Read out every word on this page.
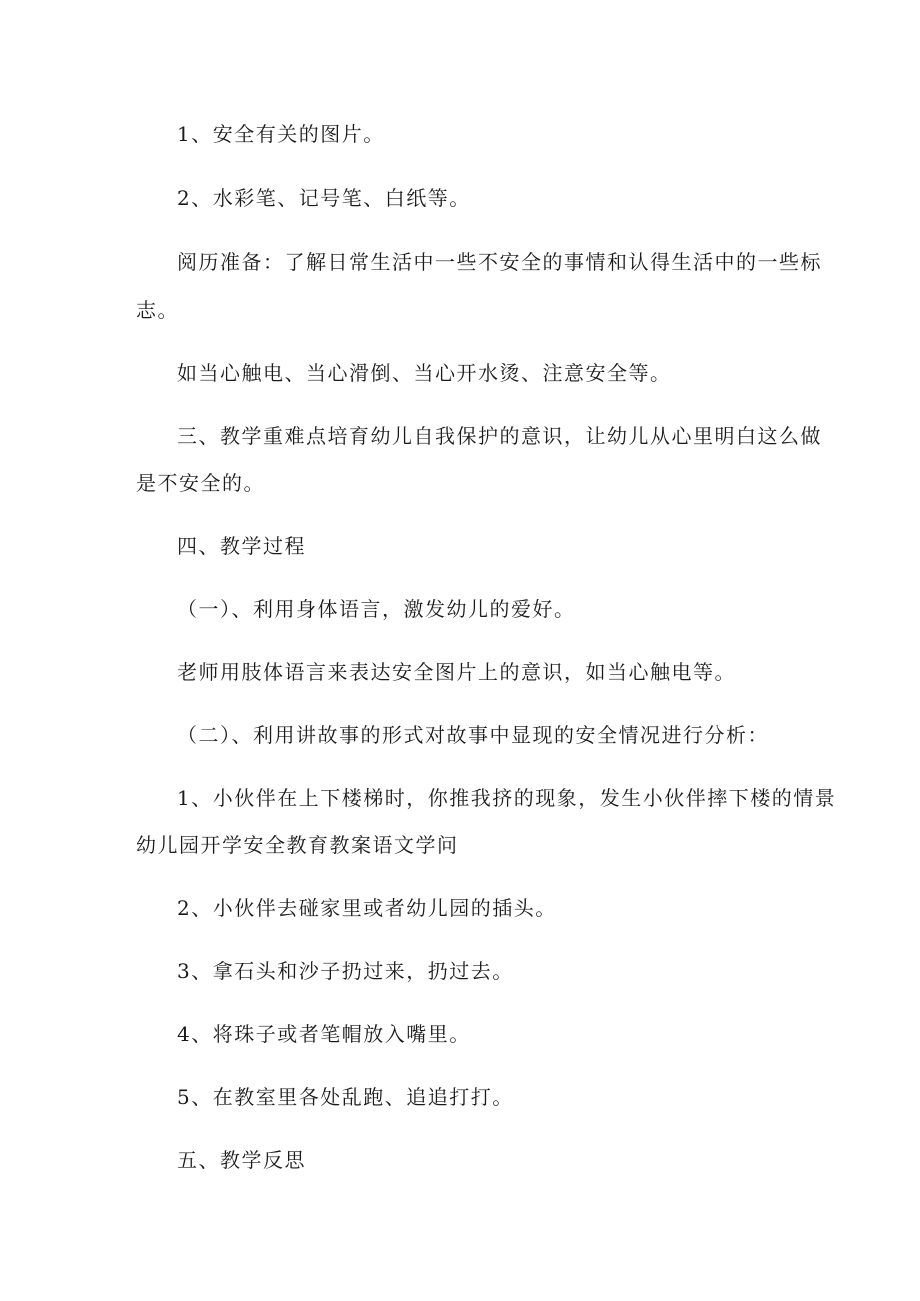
1、安全有关的图片。
2、水彩笔、记号笔、白纸等。
阅历准备：了解日常生活中一些不安全的事情和认得生活中的一些标
志。
如当心触电、当心滑倒、当心开水烫、注意安全等。
三、教学重难点培育幼儿自我保护的意识，让幼儿从心里明白这么做
是不安全的。
四、教学过程
（一）、利用身体语言，激发幼儿的爱好。
老师用肢体语言来表达安全图片上的意识，如当心触电等。
（二）、利用讲故事的形式对故事中显现的安全情况进行分析：
1、小伙伴在上下楼梯时，你推我挤的现象，发生小伙伴摔下楼的情景
幼儿园开学安全教育教案语文学问
2、小伙伴去碰家里或者幼儿园的插头。
3、拿石头和沙子扔过来，扔过去。
4、将珠子或者笔帽放入嘴里。
5、在教室里各处乱跑、追追打打。
五、教学反思
